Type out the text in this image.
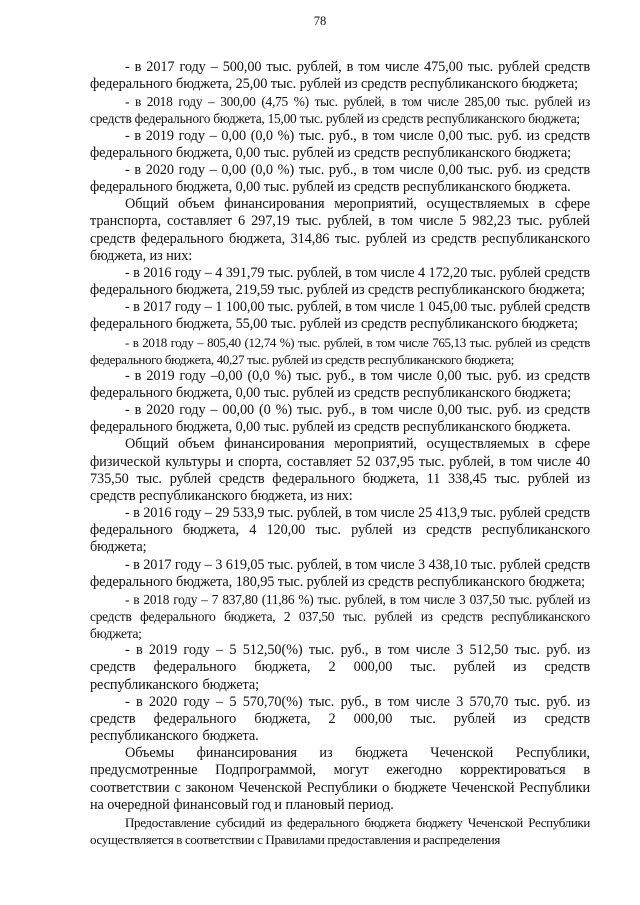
78

- в 2017 году – 500,00 тыс. рублей, в том числе 475,00 тыс. рублей средств федерального бюджета, 25,00 тыс. рублей из средств республиканского бюджета;

- в 2018 году – 300,00 (4,75 %) тыс. рублей, в том числе 285,00 тыс. рублей из средств федерального бюджета, 15,00 тыс. рублей из средств республиканского бюджета;

- в 2019 году – 0,00 (0,0 %) тыс. руб., в том числе 0,00 тыс. руб. из средств федерального бюджета, 0,00 тыс. рублей из средств республиканского бюджета;

- в 2020 году – 0,00 (0,0 %) тыс. руб., в том числе 0,00 тыс. руб. из средств федерального бюджета, 0,00 тыс. рублей из средств республиканского бюджета.

Общий объем финансирования мероприятий, осуществляемых в сфере транспорта, составляет 6 297,19 тыс. рублей, в том числе 5 982,23 тыс. рублей средств федерального бюджета, 314,86 тыс. рублей из средств республиканского бюджета, из них:

- в 2016 году – 4 391,79 тыс. рублей, в том числе 4 172,20 тыс. рублей средств федерального бюджета, 219,59 тыс. рублей из средств республиканского бюджета;

- в 2017 году – 1 100,00 тыс. рублей, в том числе 1 045,00 тыс. рублей средств федерального бюджета, 55,00 тыс. рублей из средств республиканского бюджета;

- в 2018 году – 805,40 (12,74 %) тыс. рублей, в том числе 765,13 тыс. рублей из средств федерального бюджета, 40,27 тыс. рублей из средств республиканского бюджета;

- в 2019 году –0,00 (0,0 %) тыс. руб., в том числе 0,00 тыс. руб. из средств федерального бюджета, 0,00 тыс. рублей из средств республиканского бюджета;

- в 2020 году – 00,00 (0 %) тыс. руб., в том числе 0,00 тыс. руб. из средств федерального бюджета, 0,00 тыс. рублей из средств республиканского бюджета.

Общий объем финансирования мероприятий, осуществляемых в сфере физической культуры и спорта, составляет 52 037,95 тыс. рублей, в том числе 40 735,50 тыс. рублей средств федерального бюджета, 11 338,45 тыс. рублей из средств республиканского бюджета, из них:

- в 2016 году – 29 533,9 тыс. рублей, в том числе 25 413,9 тыс. рублей средств федерального бюджета, 4 120,00 тыс. рублей из средств республиканского бюджета;

- в 2017 году – 3 619,05 тыс. рублей, в том числе 3 438,10 тыс. рублей средств федерального бюджета, 180,95 тыс. рублей из средств республиканского бюджета;

- в 2018 году – 7 837,80 (11,86 %) тыс. рублей, в том числе 3 037,50 тыс. рублей из средств федерального бюджета, 2 037,50 тыс. рублей из средств республиканского бюджета;

- в 2019 году – 5 512,50(%) тыс. руб., в том числе 3 512,50 тыс. руб. из средств федерального бюджета, 2 000,00 тыс. рублей из средств республиканского бюджета;

- в 2020 году – 5 570,70(%) тыс. руб., в том числе 3 570,70 тыс. руб. из средств федерального бюджета, 2 000,00 тыс. рублей из средств республиканского бюджета.

Объемы финансирования из бюджета Чеченской Республики, предусмотренные Подпрограммой, могут ежегодно корректироваться в соответствии с законом Чеченской Республики о бюджете Чеченской Республики на очередной финансовый год и плановый период.

Предоставление субсидий из федерального бюджета бюджету Чеченской Республики осуществляется в соответствии с Правилами предоставления и распределения
